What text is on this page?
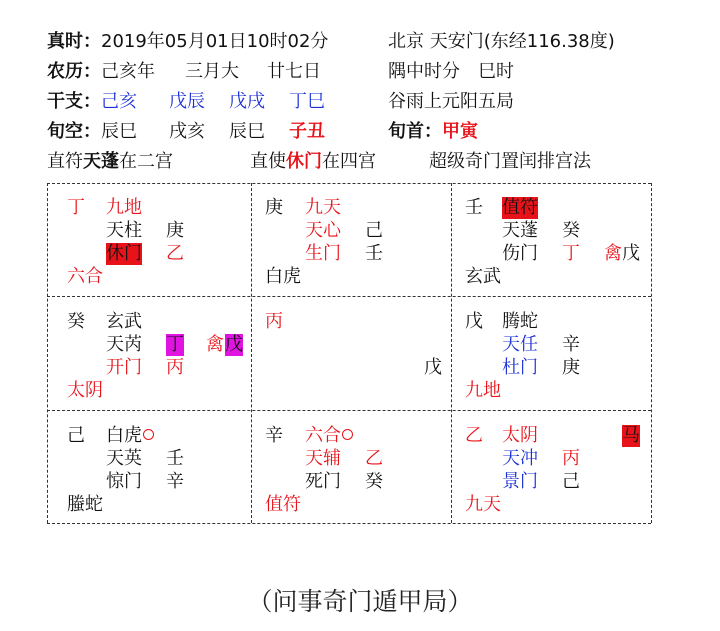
真时：2019年05月01日10时02分	北京 天安门(东经116.38度)
农历：己亥年 三月大 廿七日	隅中时分　巳时
干支：己亥 戊辰 戊戌 丁巳	谷雨上元阳五局
旬空：辰巳 戌亥 辰巳 子丑	旬首：甲寅
直符天蓬在二宫	直使休门在四宫	超级奇门置闰排宫法
丁 九地
天柱 庚
休门 乙
六合
庚 九天
天心 己
生门 壬
白虎
壬 值符
天蓬 癸
伤门 丁 禽 戊
玄武
癸 玄武
天芮 丁 禽 戊
开门 丙
太阴
丙
戊
戊 腾蛇
天任 辛
杜门 庚
九地
己 白虎
天英 壬
惊门 辛
螣蛇
辛 六合
天辅 乙
死门 癸
值符
乙 太阴	马
天冲 丙
景门 己
九天
（问事奇门遁甲局）
